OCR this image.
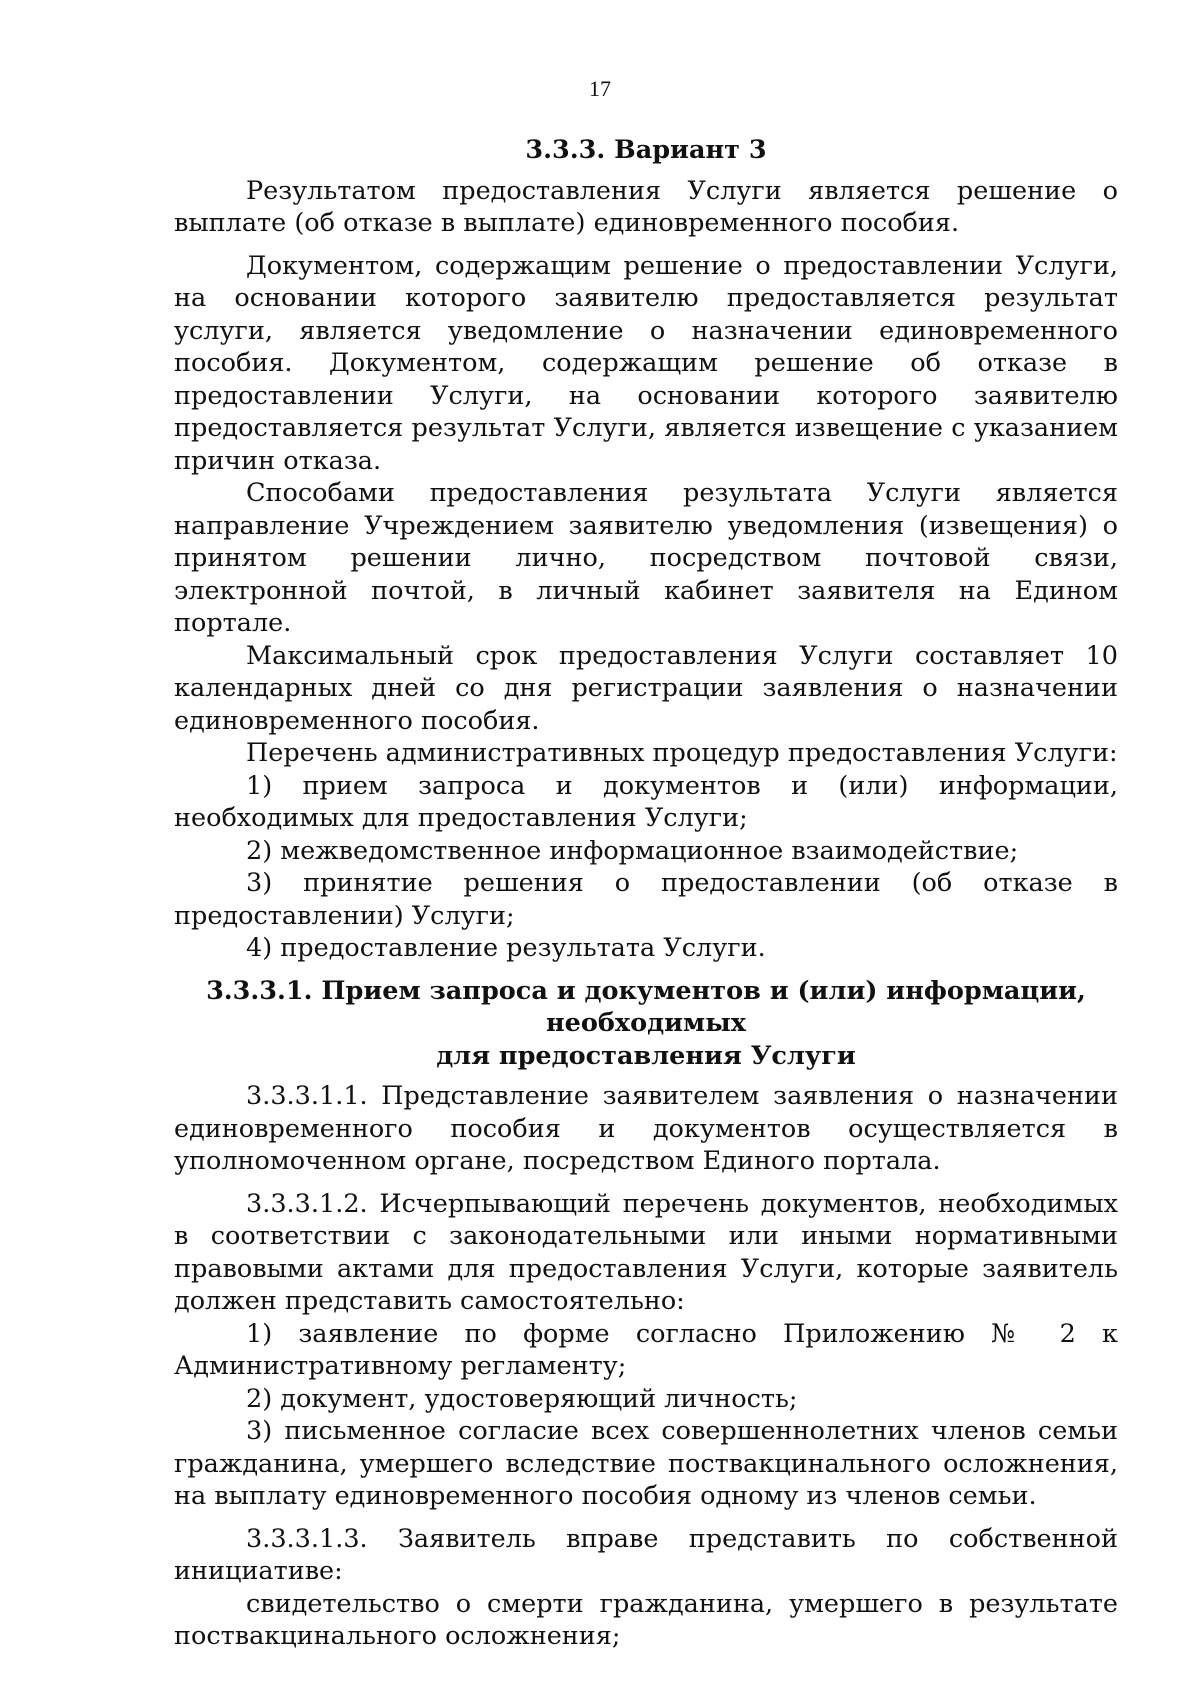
17
3.3.3. Вариант 3

Результатом предоставления Услуги является решение о выплате (об отказе в выплате) единовременного пособия.

Документом, содержащим решение о предоставлении Услуги, на основании которого заявителю предоставляется результат услуги, является уведомление о назначении единовременного пособия. Документом, содержащим решение об отказе в предоставлении Услуги, на основании которого заявителю предоставляется результат Услуги, является извещение с указанием причин отказа.

Способами предоставления результата Услуги является направление Учреждением заявителю уведомления (извещения) о принятом решении лично, посредством почтовой связи, электронной почтой, в личный кабинет заявителя на Едином портале.

Максимальный срок предоставления Услуги составляет 10 календарных дней со дня регистрации заявления о назначении единовременного пособия.

Перечень административных процедур предоставления Услуги:

1) прием запроса и документов и (или) информации, необходимых для предоставления Услуги;

2) межведомственное информационное взаимодействие;

3) принятие решения о предоставлении (об отказе в предоставлении) Услуги;

4) предоставление результата Услуги.

3.3.3.1. Прием запроса и документов и (или) информации, необходимых
для предоставления Услуги

3.3.3.1.1. Представление заявителем заявления о назначении единовременного пособия и документов осуществляется в уполномоченном органе, посредством Единого портала.

3.3.3.1.2. Исчерпывающий перечень документов, необходимых в соответствии с законодательными или иными нормативными правовыми актами для предоставления Услуги, которые заявитель должен представить самостоятельно:

1) заявление по форме согласно Приложению № 2 к Административному регламенту;

2) документ, удостоверяющий личность;

3) письменное согласие всех совершеннолетних членов семьи гражданина, умершего вследствие поствакцинального осложнения, на выплату единовременного пособия одному из членов семьи.

3.3.3.1.3. Заявитель вправе представить по собственной инициативе:

свидетельство о смерти гражданина, умершего в результате поствакцинального осложнения;
